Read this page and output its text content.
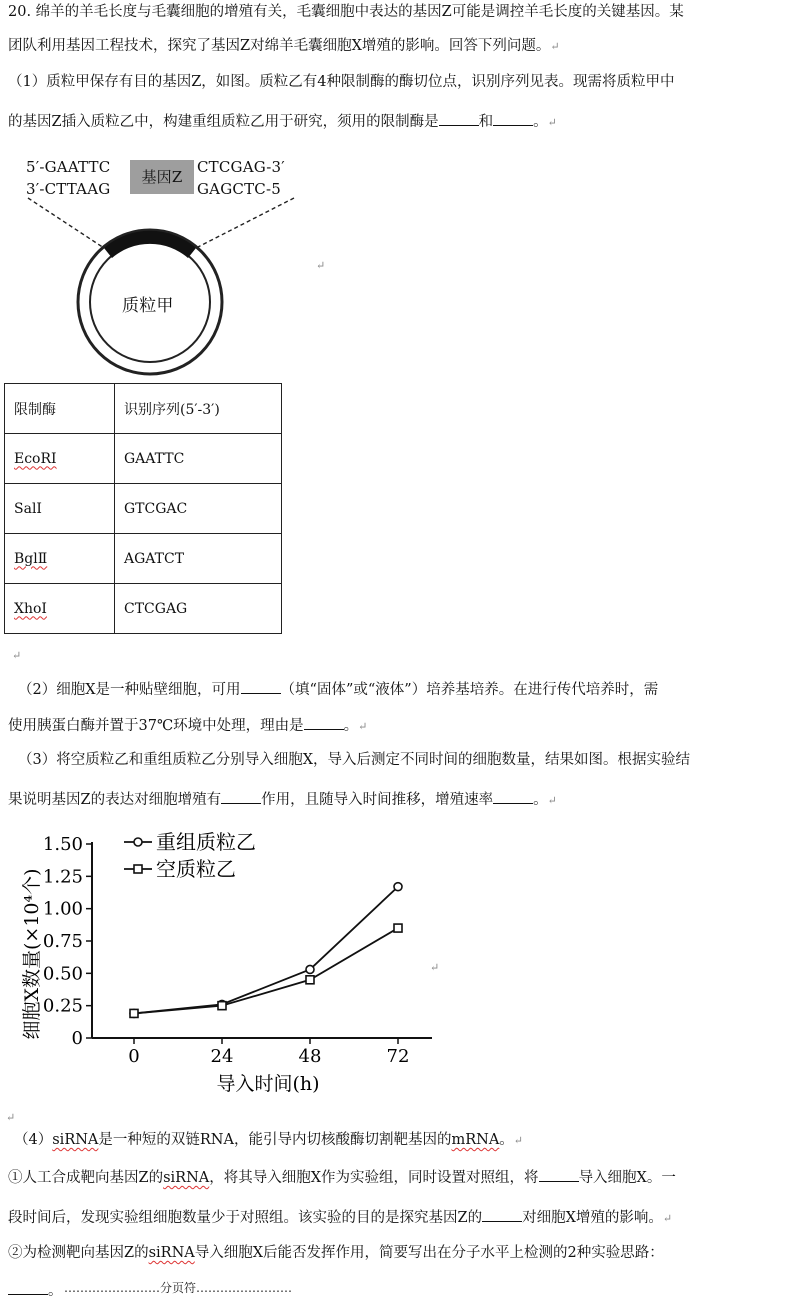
20. 绵羊的羊毛长度与毛囊细胞的增殖有关，毛囊细胞中表达的基因Z可能是调控羊毛长度的关键基因。某
团队利用基因工程技术，探究了基因Z对绵羊毛囊细胞X增殖的影响。回答下列问题。↵
（1）质粒甲保存有目的基因Z，如图。质粒乙有4种限制酶的酶切位点，识别序列见表。现需将质粒甲中
的基因Z插入质粒乙中，构建重组质粒乙用于研究，须用的限制酶是	和	。↵
5′-GAATTC
3′-CTTAAG
CTCGAG-3′
GAGCTC-5
基因Z
质粒甲
↵
限制酶	识别序列(5′-3′)
EcoRⅠ	GAATTC
SalⅠ	GTCGAC
BglⅡ	AGATCT
XhoⅠ	CTCGAG
↵
（2）细胞X是一种贴壁细胞，可用	（填“固体”或“液体”）培养基培养。在进行传代培养时，需
使用胰蛋白酶并置于37℃环境中处理，理由是	。↵
（3）将空质粒乙和重组质粒乙分别导入细胞X，导入后测定不同时间的细胞数量，结果如图。根据实验结
果说明基因Z的表达对细胞增殖有	作用，且随导入时间推移，增殖速率	。↵
0
0.25
0.50
0.75
1.00
1.25
1.50
0	24	48	72
重组质粒乙
空质粒乙
细胞X数量(×10⁴个)
导入时间(h)
↵
↵
（4）siRNA是一种短的双链RNA，能引导内切核酸酶切割靶基因的mRNA。↵
①人工合成靶向基因Z的siRNA，将其导入细胞X作为实验组，同时设置对照组，将	导入细胞X。一
段时间后，发现实验组细胞数量少于对照组。该实验的目的是探究基因Z的	对细胞X增殖的影响。↵
②为检测靶向基因Z的siRNA导入细胞X后能否发挥作用，简要写出在分子水平上检测的2种实验思路：
。 ……………………分页符……………………
